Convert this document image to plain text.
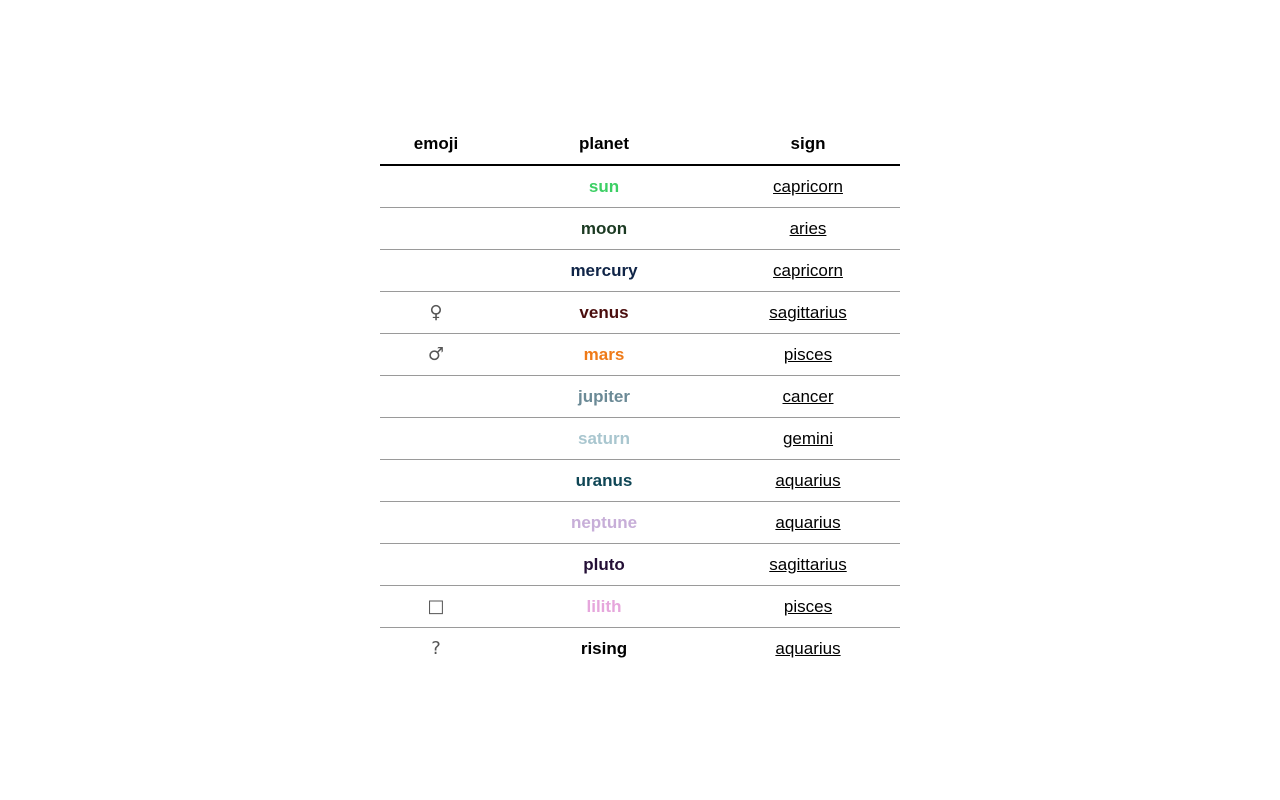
emoji	planet	sign
	sun	capricorn
	moon	aries
	mercury	capricorn
♀	venus	sagittarius
♂	mars	pisces
	jupiter	cancer
	saturn	gemini
	uranus	aquarius
	neptune	aquarius
	pluto	sagittarius
□	lilith	pisces
?	rising	aquarius
